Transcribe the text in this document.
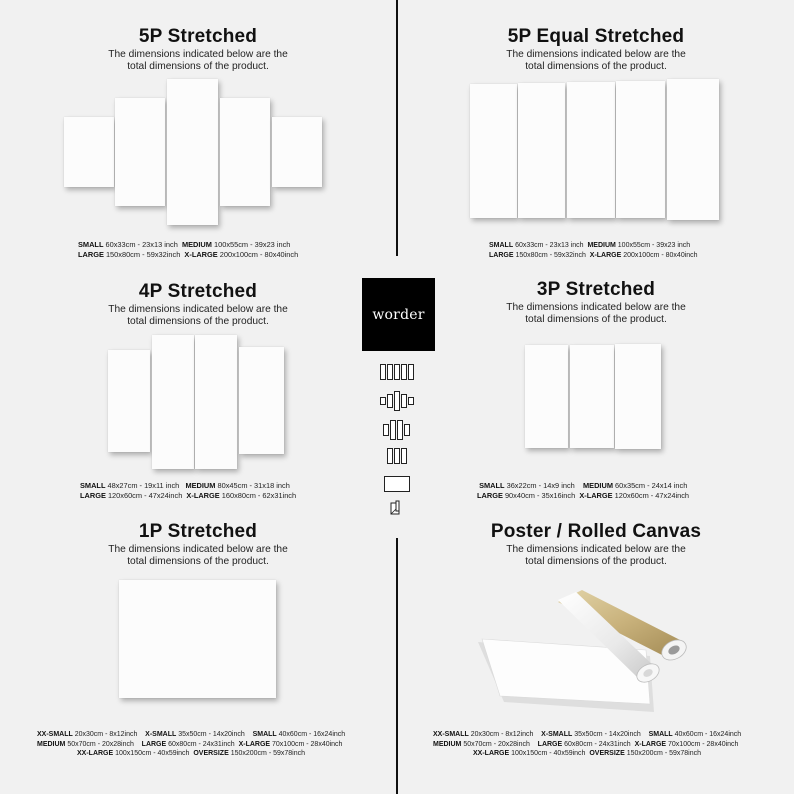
5P Stretched
The dimensions indicated below are the total dimensions of the product.
SMALL 60x33cm - 23x13 inch MEDIUM 100x55cm - 39x23 inch
LARGE 150x80cm - 59x32inch X-LARGE 200x100cm - 80x40inch
5P Equal Stretched
The dimensions indicated below are the total dimensions of the product.
SMALL 60x33cm - 23x13 inch MEDIUM 100x55cm - 39x23 inch
LARGE 150x80cm - 59x32inch X-LARGE 200x100cm - 80x40inch
4P Stretched
The dimensions indicated below are the total dimensions of the product.
SMALL 48x27cm - 19x11 inch MEDIUM 80x45cm - 31x18 inch
LARGE 120x60cm - 47x24inch X-LARGE 160x80cm - 62x31inch
3P Stretched
The dimensions indicated below are the total dimensions of the product.
SMALL 36x22cm - 14x9 inch MEDIUM 60x35cm - 24x14 inch
LARGE 90x40cm - 35x16inch X-LARGE 120x60cm - 47x24inch
worder
1P Stretched
The dimensions indicated below are the total dimensions of the product.
XX-SMALL 20x30cm - 8x12inch X-SMALL 35x50cm - 14x20inch SMALL 40x60cm - 16x24inch
MEDIUM 50x70cm - 20x28inch LARGE 60x80cm - 24x31inch X-LARGE 70x100cm - 28x40inch
XX-LARGE 100x150cm - 40x59inch OVERSIZE 150x200cm - 59x78inch
Poster / Rolled Canvas
The dimensions indicated below are the total dimensions of the product.
XX-SMALL 20x30cm - 8x12inch X-SMALL 35x50cm - 14x20inch SMALL 40x60cm - 16x24inch
MEDIUM 50x70cm - 20x28inch LARGE 60x80cm - 24x31inch X-LARGE 70x100cm - 28x40inch
XX-LARGE 100x150cm - 40x59inch OVERSIZE 150x200cm - 59x78inch
